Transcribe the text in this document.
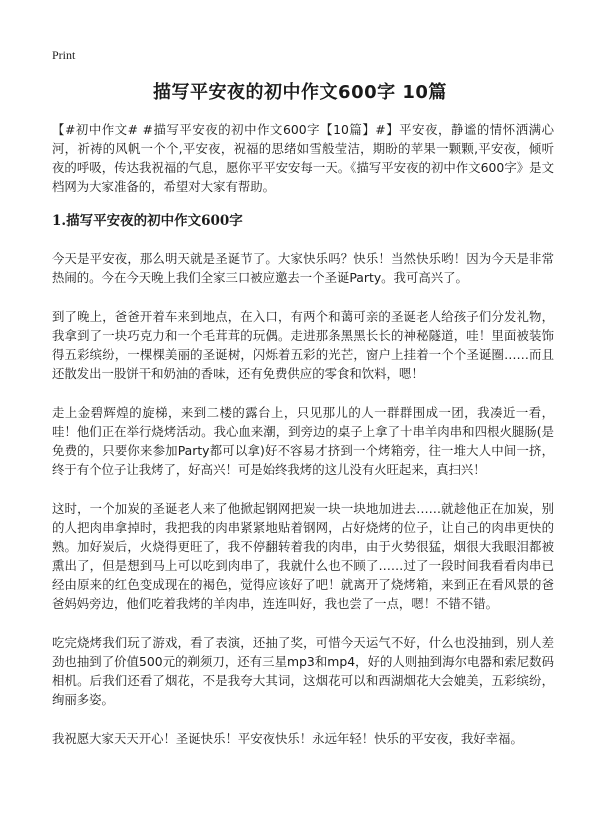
Print
描写平安夜的初中作文600字 10篇

【#初中作文# #描写平安夜的初中作文600字【10篇】#】平安夜，静谧的情怀洒满心河，祈祷的风帆一个个,平安夜，祝福的思绪如雪般莹洁，期盼的苹果一颗颗,平安夜，倾听夜的呼吸，传达我祝福的气息，愿你平平安安每一天。《描写平安夜的初中作文600字》是文档网为大家准备的，希望对大家有帮助。

1.描写平安夜的初中作文600字

今天是平安夜，那么明天就是圣诞节了。大家快乐吗？快乐！当然快乐哟！因为今天是非常热闹的。今在今天晚上我们全家三口被应邀去一个圣诞Party。我可高兴了。

到了晚上，爸爸开着车来到地点，在入口，有两个和蔼可亲的圣诞老人给孩子们分发礼物，我拿到了一块巧克力和一个毛茸茸的玩偶。走进那条黑黑长长的神秘隧道，哇！里面被装饰得五彩缤纷，一棵棵美丽的圣诞树，闪烁着五彩的光芒，窗户上挂着一个个圣诞圈……而且还散发出一股饼干和奶油的香味，还有免费供应的零食和饮料，嗯！

走上金碧辉煌的旋梯，来到二楼的露台上，只见那儿的人一群群围成一团，我凑近一看，哇！他们正在举行烧烤活动。我心血来潮，到旁边的桌子上拿了十串羊肉串和四根火腿肠(是免费的，只要你来参加Party都可以拿)好不容易才挤到一个烤箱旁，往一堆大人中间一挤，终于有个位子让我烤了，好高兴！可是始终我烤的这儿没有火旺起来，真扫兴！

这时，一个加炭的圣诞老人来了他掀起钢网把炭一块一块地加进去……就趁他正在加炭，别的人把肉串拿掉时，我把我的肉串紧紧地贴着钢网，占好烧烤的位子，让自己的肉串更快的熟。加好炭后，火烧得更旺了，我不停翻转着我的肉串，由于火势很猛，烟很大我眼泪都被熏出了，但是想到马上可以吃到肉串了，我就什么也不顾了……过了一段时间我看看肉串已经由原来的红色变成现在的褐色，觉得应该好了吧！就离开了烧烤箱，来到正在看风景的爸爸妈妈旁边，他们吃着我烤的羊肉串，连连叫好，我也尝了一点，嗯！不错不错。

吃完烧烤我们玩了游戏，看了表演，还抽了奖，可惜今天运气不好，什么也没抽到，别人差劲也抽到了价值500元的剃须刀，还有三星mp3和mp4，好的人则抽到海尔电器和索尼数码相机。后我们还看了烟花，不是我夸大其词，这烟花可以和西湖烟花大会媲美，五彩缤纷，绚丽多姿。

我祝愿大家天天开心！圣诞快乐！平安夜快乐！永远年轻！快乐的平安夜，我好幸福。
